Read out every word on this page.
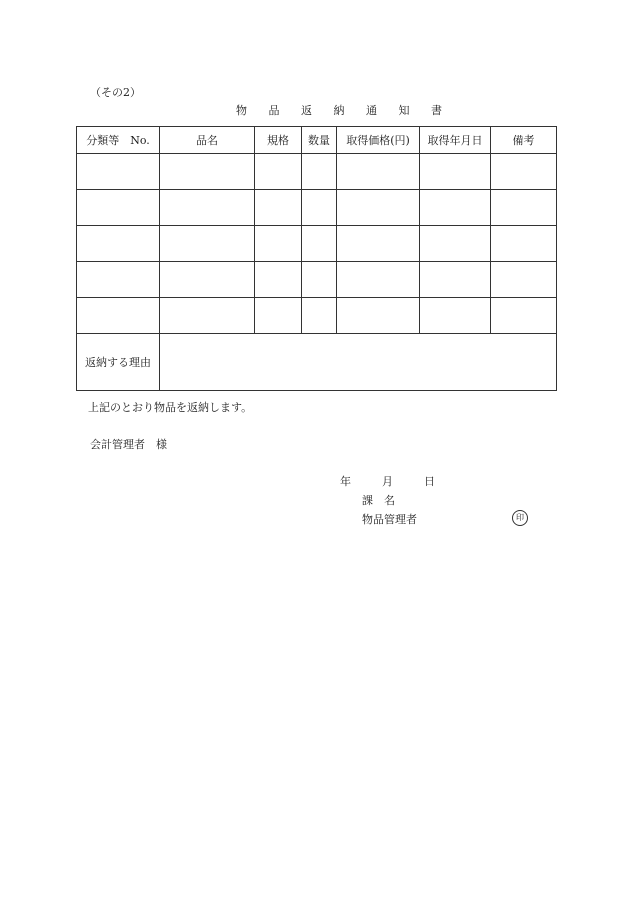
（その2）
物 品 返 納 通 知 書
分類等　No.	品名	規格	数量	取得価格(円)	取得年月日	備考

返納する理由						
上記のとおり物品を返納します。
会計管理者　様
年	月	日
課　名
物品管理者	印
